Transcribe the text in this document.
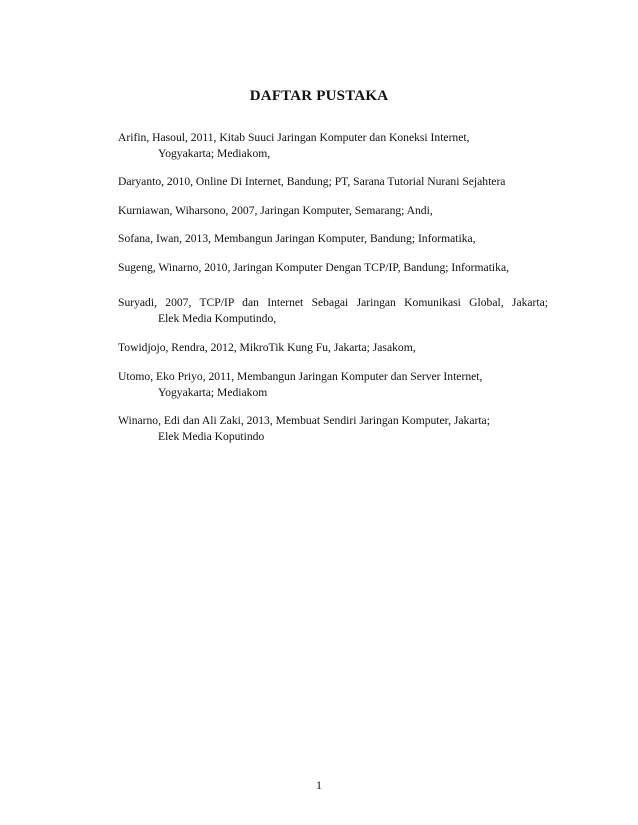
DAFTAR PUSTAKA

Arifin, Hasoul, 2011, Kitab Suuci Jaringan Komputer dan Koneksi Internet,
Yogyakarta; Mediakom,

Daryanto, 2010, Online Di Internet, Bandung; PT, Sarana Tutorial Nurani Sejahtera

Kurniawan, Wiharsono, 2007, Jaringan Komputer, Semarang; Andi,

Sofana, Iwan, 2013, Membangun Jaringan Komputer, Bandung; Informatika,

Sugeng, Winarno, 2010, Jaringan Komputer Dengan TCP/IP, Bandung; Informatika,

Suryadi, 2007, TCP/IP dan Internet Sebagai Jaringan Komunikasi Global, Jakarta;
Elek Media Komputindo,

Towidjojo, Rendra, 2012, MikroTik Kung Fu, Jakarta; Jasakom,

Utomo, Eko Priyo, 2011, Membangun Jaringan Komputer dan Server Internet,
Yogyakarta; Mediakom

Winarno, Edi dan Ali Zaki, 2013, Membuat Sendiri Jaringan Komputer, Jakarta;
Elek Media Koputindo

1
